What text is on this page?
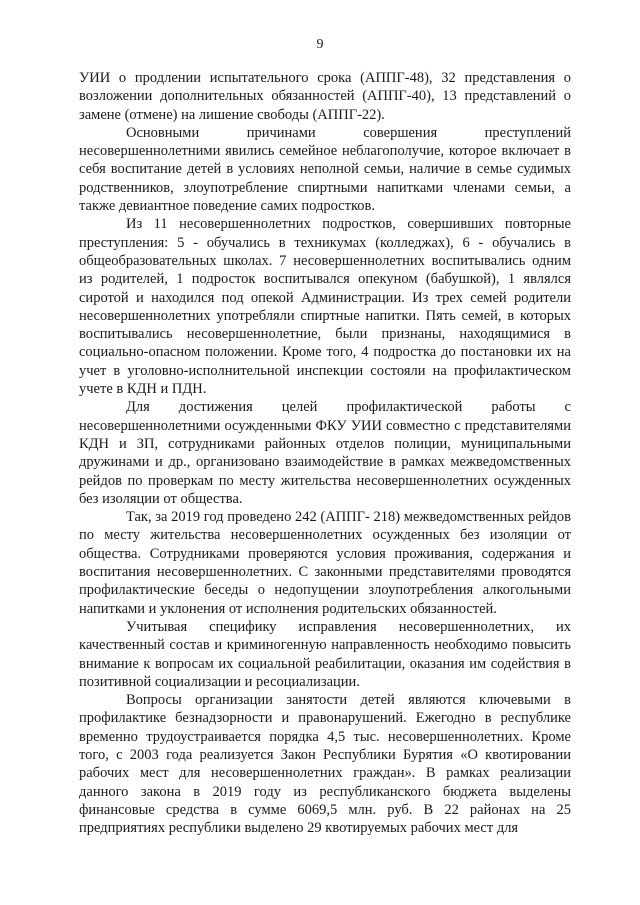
9

УИИ о продлении испытательного срока (АППГ-48), 32 представления о возложении дополнительных обязанностей (АППГ-40), 13 представлений о замене (отмене) на лишение свободы (АППГ-22).

Основными причинами совершения преступлений несовершеннолетними явились семейное неблагополучие, которое включает в себя воспитание детей в условиях неполной семьи, наличие в семье судимых родственников, злоупотребление спиртными напитками членами семьи, а также девиантное поведение самих подростков.

Из 11 несовершеннолетних подростков, совершивших повторные преступления: 5 - обучались в техникумах (колледжах), 6 - обучались в общеобразовательных школах. 7 несовершеннолетних воспитывались одним из родителей, 1 подросток воспитывался опекуном (бабушкой), 1 являлся сиротой и находился под опекой Администрации. Из трех семей родители несовершеннолетних употребляли спиртные напитки. Пять семей, в которых воспитывались несовершеннолетние, были признаны, находящимися в социально-опасном положении. Кроме того, 4 подростка до постановки их на учет в уголовно-исполнительной инспекции состояли на профилактическом учете в КДН и ПДН.

Для достижения целей профилактической работы с несовершеннолетними осужденными ФКУ УИИ совместно с представителями КДН и ЗП, сотрудниками районных отделов полиции, муниципальными дружинами и др., организовано взаимодействие в рамках межведомственных рейдов по проверкам по месту жительства несовершеннолетних осужденных без изоляции от общества.

Так, за 2019 год проведено 242 (АППГ- 218) межведомственных рейдов по месту жительства несовершеннолетних осужденных без изоляции от общества. Сотрудниками проверяются условия проживания, содержания и воспитания несовершеннолетних. С законными представителями проводятся профилактические беседы о недопущении злоупотребления алкогольными напитками и уклонения от исполнения родительских обязанностей.

Учитывая специфику исправления несовершеннолетних, их качественный состав и криминогенную направленность необходимо повысить внимание к вопросам их социальной реабилитации, оказания им содействия в позитивной социализации и ресоциализации.

Вопросы организации занятости детей являются ключевыми в профилактике безнадзорности и правонарушений. Ежегодно в республике временно трудоустраивается порядка 4,5 тыс. несовершеннолетних. Кроме того, с 2003 года реализуется Закон Республики Бурятия «О квотировании рабочих мест для несовершеннолетних граждан». В рамках реализации данного закона в 2019 году из республиканского бюджета выделены финансовые средства в сумме 6069,5 млн. руб. В 22 районах на 25 предприятиях республики выделено 29 квотируемых рабочих мест для
